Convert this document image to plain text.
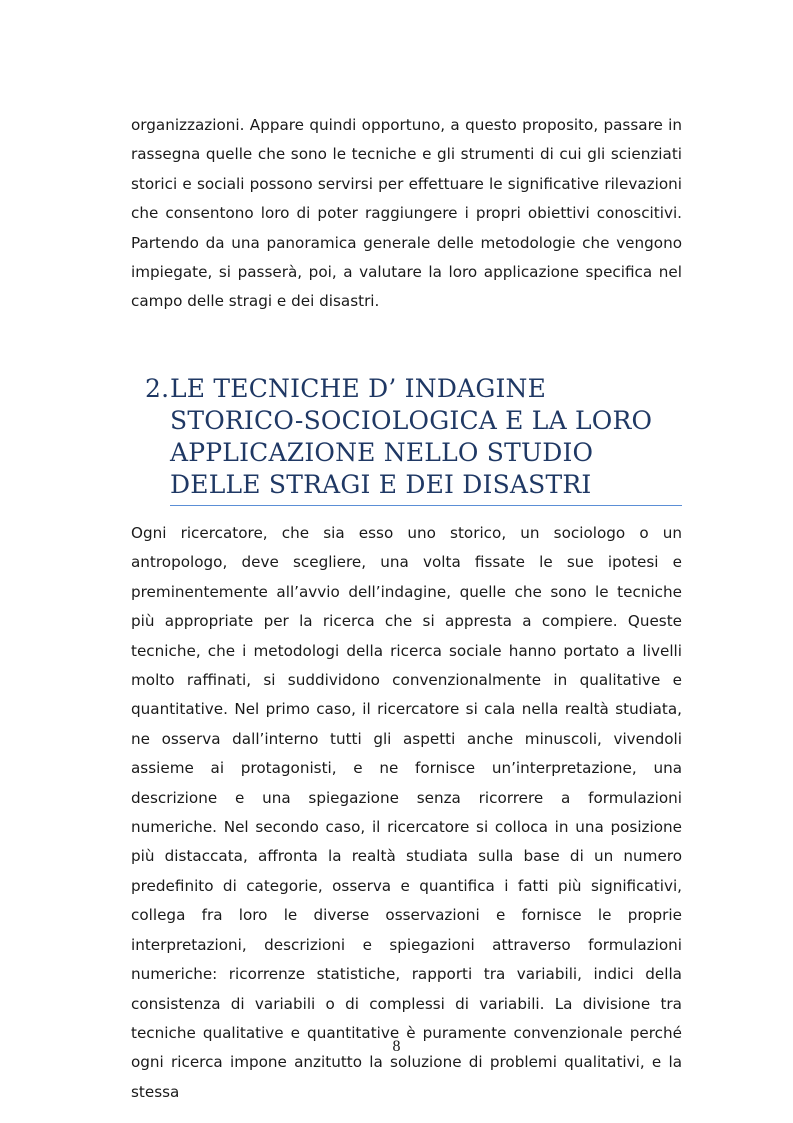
organizzazioni. Appare quindi opportuno, a questo proposito, passare in rassegna quelle che sono le tecniche e gli strumenti di cui gli scienziati storici e sociali possono servirsi per effettuare le significative rilevazioni che consentono loro di poter raggiungere i propri obiettivi conoscitivi. Partendo da una panoramica generale delle metodologie che vengono impiegate, si passerà, poi, a valutare la loro applicazione specifica nel campo delle stragi e dei disastri.

2. LE TECNICHE D’ INDAGINE STORICO-SOCIOLOGICA E LA LORO APPLICAZIONE NELLO STUDIO DELLE STRAGI E DEI DISASTRI

Ogni ricercatore, che sia esso uno storico, un sociologo o un antropologo, deve scegliere, una volta fissate le sue ipotesi e preminentemente all’avvio dell’indagine, quelle che sono le tecniche più appropriate per la ricerca che si appresta a compiere. Queste tecniche, che i metodologi della ricerca sociale hanno portato a livelli molto raffinati, si suddividono convenzionalmente in qualitative e quantitative. Nel primo caso, il ricercatore si cala nella realtà studiata, ne osserva dall’interno tutti gli aspetti anche minuscoli, vivendoli assieme ai protagonisti, e ne fornisce un’interpretazione, una descrizione e una spiegazione senza ricorrere a formulazioni numeriche. Nel secondo caso, il ricercatore si colloca in una posizione più distaccata, affronta la realtà studiata sulla base di un numero predefinito di categorie, osserva e quantifica i fatti più significativi, collega fra loro le diverse osservazioni e fornisce le proprie interpretazioni, descrizioni e spiegazioni attraverso formulazioni numeriche: ricorrenze statistiche, rapporti tra variabili, indici della consistenza di variabili o di complessi di variabili. La divisione tra tecniche qualitative e quantitative è puramente convenzionale perché ogni ricerca impone anzitutto la soluzione di problemi qualitativi, e la stessa

8
